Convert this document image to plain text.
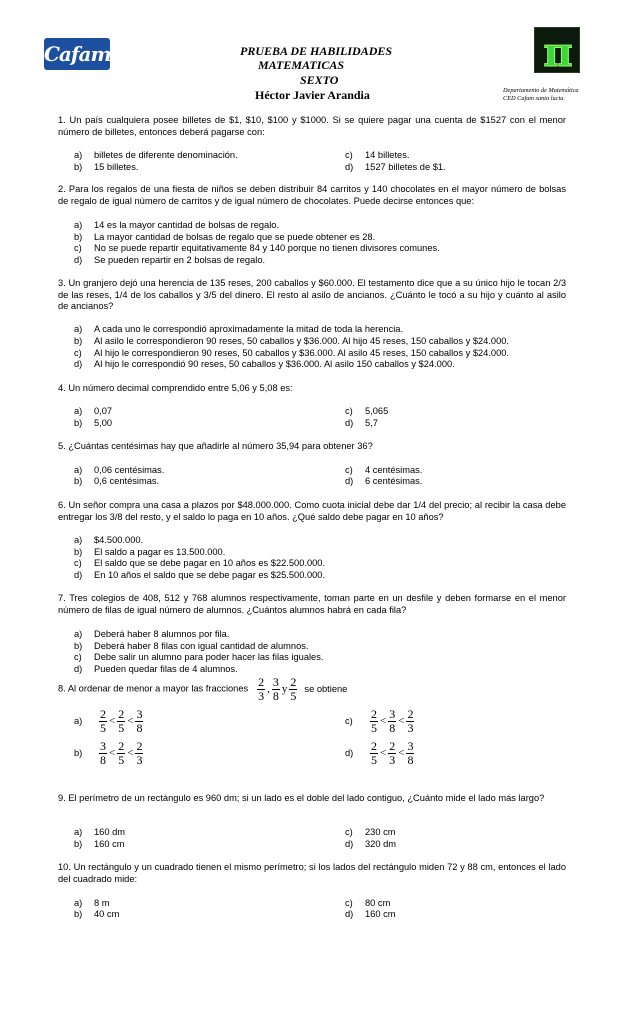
Cafam	PRUEBA DE HABILIDADES
MATEMATICAS
SEXTO
Héctor Javier Arandia
π
Departamento de Matemática
CED Cafam santa lucia.
1. Un país cualquiera posee billetes de $1, $10, $100 y $1000. Si se quiere pagar una cuenta de $1527 con el menor número de billetes, entonces deberá pagarse con:
a) billetes de diferente denominación.
b) 15 billetes.
c) 14 billetes.
d) 1527 billetes de $1.
2. Para los regalos de una fiesta de niños se deben distribuir 84 carritos y 140 chocolates en el mayor número de bolsas de regalo de igual número de carritos y de igual número de chocolates. Puede decirse entonces que:
a) 14 es la mayor cantidad de bolsas de regalo.
b) La mayor cantidad de bolsas de regalo que se puede obtener es 28.
c) No se puede repartir equitativamente 84 y 140 porque no tienen divisores comunes.
d) Se pueden repartir en 2 bolsas de regalo.
3. Un granjero dejó una herencia de 135 reses, 200 caballos y $60.000. El testamento dice que a su único hijo le tocan 2/3 de las reses, 1/4 de los caballos y 3/5 del dinero. El resto al asilo de ancianos. ¿Cuánto le tocó a su hijo y cuánto al asilo de ancianos?
a) A cada uno le correspondió aproximadamente la mitad de toda la herencia.
b) Al asilo le correspondieron 90 reses, 50 caballos y $36.000. Al hijo 45 reses, 150 caballos y $24.000.
c) Al hijo le correspondieron 90 reses, 50 caballos y $36.000. Al asilo 45 reses, 150 caballos y $24.000.
d) Al hijo le correspondió 90 reses, 50 caballos y $36.000. Al asilo 150 caballos y $24.000.
4. Un número decimal comprendido entre 5,06 y 5,08 es:
a) 0,07
b) 5,00
c) 5,065
d) 5,7
5. ¿Cuántas centésimas hay que añadirle al número 35,94 para obtener 36?
a) 0,06 centésimas.
b) 0,6 centésimas.
c) 4 centésimas.
d) 6 centésimas.
6. Un señor compra una casa a plazos por $48.000.000. Como cuota inicial debe dar 1/4 del precio; al recibir la casa debe entregar los 3/8 del resto, y el saldo lo paga en 10 años. ¿Qué saldo debe pagar en 10 años?
a) $4.500.000.
b) El saldo a pagar es 13.500.000.
c) El saldo que se debe pagar en 10 años es $22.500.000.
d) En 10 años el saldo que se debe pagar es $25.500.000.
7. Tres colegios de 408, 512 y 768 alumnos respectivamente, toman parte en un desfile y deben formarse en el menor número de filas de igual número de alumnos. ¿Cuántos alumnos habrá en cada fila?
a) Deberá haber 8 alumnos por fila.
b) Deberá haber 8 filas con igual cantidad de alumnos.
c) Debe salir un alumno para poder hacer las filas iguales.
d) Pueden quedar filas de 4 alumnos.
8. Al ordenar de menor a mayor las fracciones $\frac{2}{3}$ , $\frac{3}{8}$ y $\frac{2}{5}$ se obtiene
$a) \frac{2}{5} < \frac{2}{5} < \frac{3}{8}$
$b) \frac{3}{8} < \frac{2}{5} < \frac{2}{3}$
$c) \frac{2}{5} < \frac{3}{8} < \frac{2}{3}$
$d) \frac{2}{5} < \frac{2}{3} < \frac{3}{8}$
9. El perímetro de un rectángulo es 960 dm; si un lado es el doble del lado contiguo, ¿Cuánto mide el lado más largo?
a) 160 dm
b) 160 cm
c) 230 cm
d) 320 dm
10. Un rectángulo y un cuadrado tienen el mismo perímetro; si los lados del rectángulo miden 72 y 88 cm, entonces el lado del cuadrado mide:
a) 8 m
b) 40 cm
c) 80 cm
d) 160 cm
